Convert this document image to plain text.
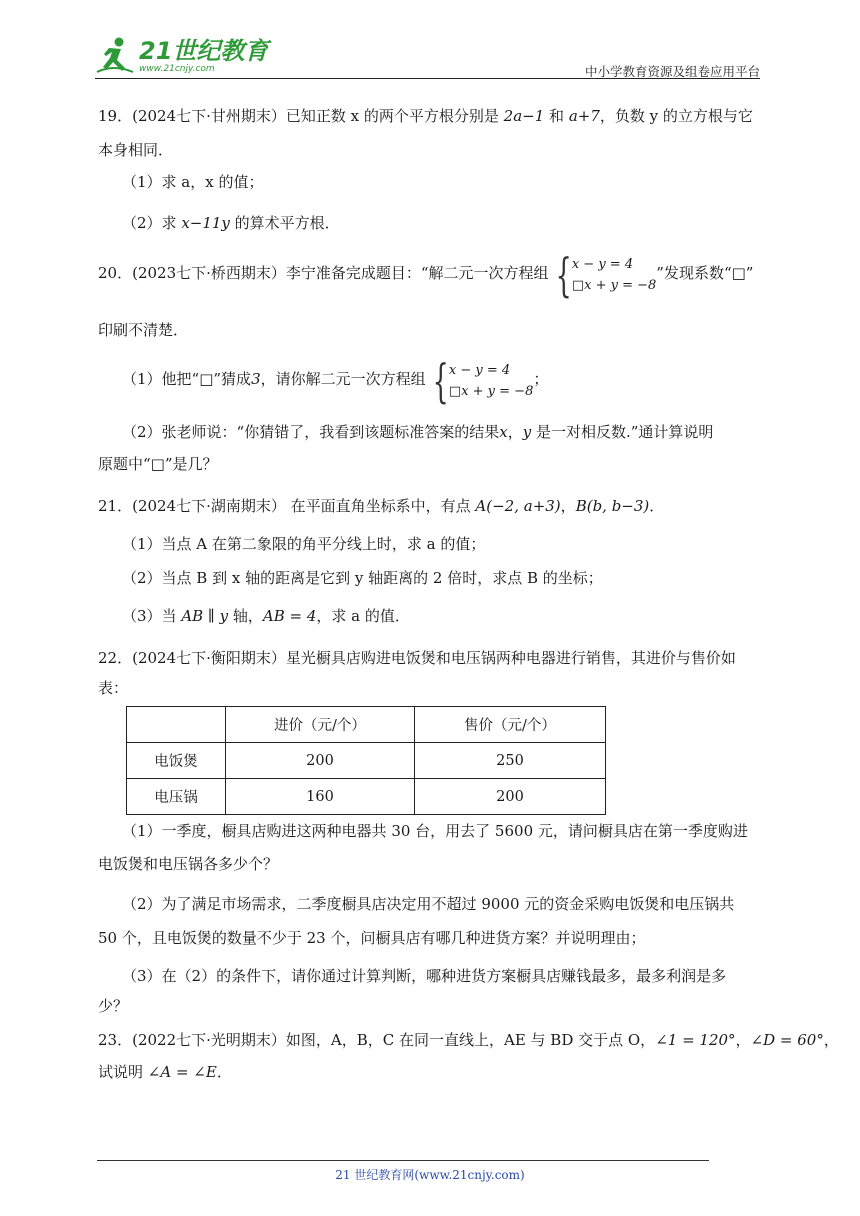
21世纪教育
www.21cnjy.com	中小学教育资源及组卷应用平台
19．(2024七下·甘州期末）已知正数 x 的两个平方根分别是 2a−1 和 a+7，负数 y 的立方根与它
本身相同．
（1）求 a，x 的值；
（2）求 x−11y 的算术平方根．
20．(2023七下·桥西期末）李宁准备完成题目：“解二元一次方程组 {x − y = 4
□x + y = −8”发现系数“□”
印刷不清楚．
（1）他把“□”猜成3，请你解二元一次方程组 {x − y = 4
□x + y = −8；
（2）张老师说：“你猜错了，我看到该题标准答案的结果x，y 是一对相反数.”通计算说明
原题中“□”是几？
21．(2024七下·湖南期末） 在平面直角坐标系中，有点 A(−2, a+3)，B(b, b−3)．
（1）当点 A 在第二象限的角平分线上时，求 a 的值；
（2）当点 B 到 x 轴的距离是它到 y 轴距离的 2 倍时，求点 B 的坐标；
（3）当 AB ∥ y 轴，AB = 4，求 a 的值．
22．(2024七下·衡阳期末）星光橱具店购进电饭煲和电压锅两种电器进行销售，其进价与售价如
表：
	进价（元/个）	售价（元/个）
电饭煲	200	250
电压锅	160	200
（1）一季度，橱具店购进这两种电器共 30 台，用去了 5600 元，请问橱具店在第一季度购进
电饭煲和电压锅各多少个？
（2）为了满足市场需求，二季度橱具店决定用不超过 9000 元的资金采购电饭煲和电压锅共
50 个，且电饭煲的数量不少于 23 个，问橱具店有哪几种进货方案？并说明理由；
（3）在（2）的条件下，请你通过计算判断，哪种进货方案橱具店赚钱最多，最多利润是多
少？
23．(2022七下·光明期末）如图，A，B，C 在同一直线上，AE 与 BD 交于点 O，∠1 = 120°，∠D = 60°，
试说明 ∠A = ∠E．
21 世纪教育网(www.21cnjy.com)
